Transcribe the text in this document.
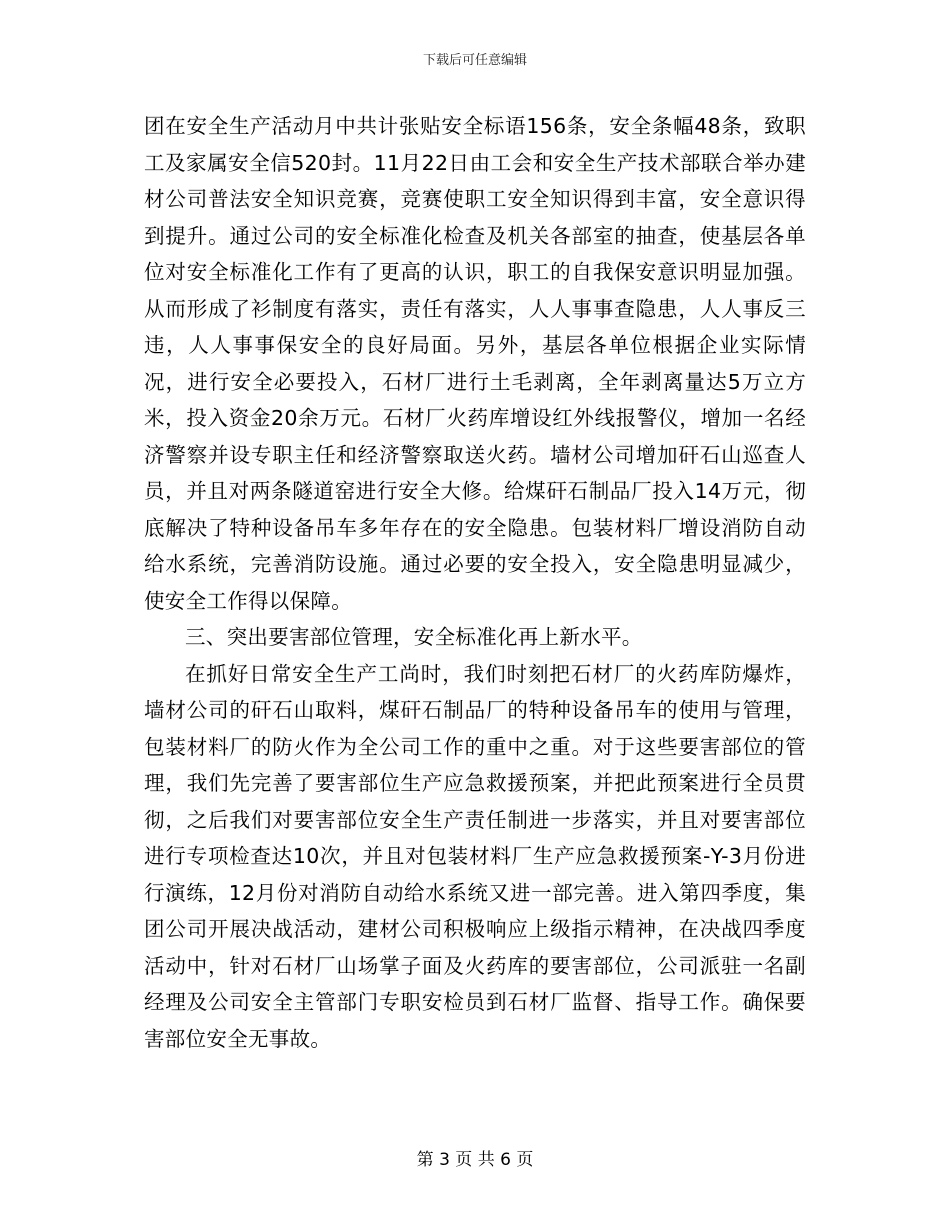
下载后可任意编辑

团在安全生产活动月中共计张贴安全标语156条，安全条幅48条，致职工及家属安全信520封。11月22日由工会和安全生产技术部联合举办建材公司普法安全知识竞赛，竞赛使职工安全知识得到丰富，安全意识得到提升。通过公司的安全标准化检查及机关各部室的抽查，使基层各单位对安全标准化工作有了更高的认识，职工的自我保安意识明显加强。从而形成了衫制度有落实，责任有落实，人人事事查隐患，人人事反三违，人人事事保安全的良好局面。另外，基层各单位根据企业实际情况，进行安全必要投入，石材厂进行土毛剥离，全年剥离量达5万立方米，投入资金20余万元。石材厂火药库增设红外线报警仪，增加一名经济警察并设专职主任和经济警察取送火药。墙材公司增加矸石山巡查人员，并且对两条隧道窑进行安全大修。给煤矸石制品厂投入14万元，彻底解决了特种设备吊车多年存在的安全隐患。包装材料厂增设消防自动给水系统，完善消防设施。通过必要的安全投入，安全隐患明显减少，使安全工作得以保障。

三、突出要害部位管理，安全标准化再上新水平。

在抓好日常安全生产工尚时，我们时刻把石材厂的火药库防爆炸，墙材公司的矸石山取料，煤矸石制品厂的特种设备吊车的使用与管理，包装材料厂的防火作为全公司工作的重中之重。对于这些要害部位的管理，我们先完善了要害部位生产应急救援预案，并把此预案进行全员贯彻，之后我们对要害部位安全生产责任制进一步落实，并且对要害部位进行专项检查达10次，并且对包装材料厂生产应急救援预案-Y-3月份进行演练，12月份对消防自动给水系统又进一部完善。进入第四季度，集团公司开展决战活动，建材公司积极响应上级指示精神，在决战四季度活动中，针对石材厂山场掌子面及火药库的要害部位，公司派驻一名副经理及公司安全主管部门专职安检员到石材厂监督、指导工作。确保要害部位安全无事故。

第 3 页 共 6 页
